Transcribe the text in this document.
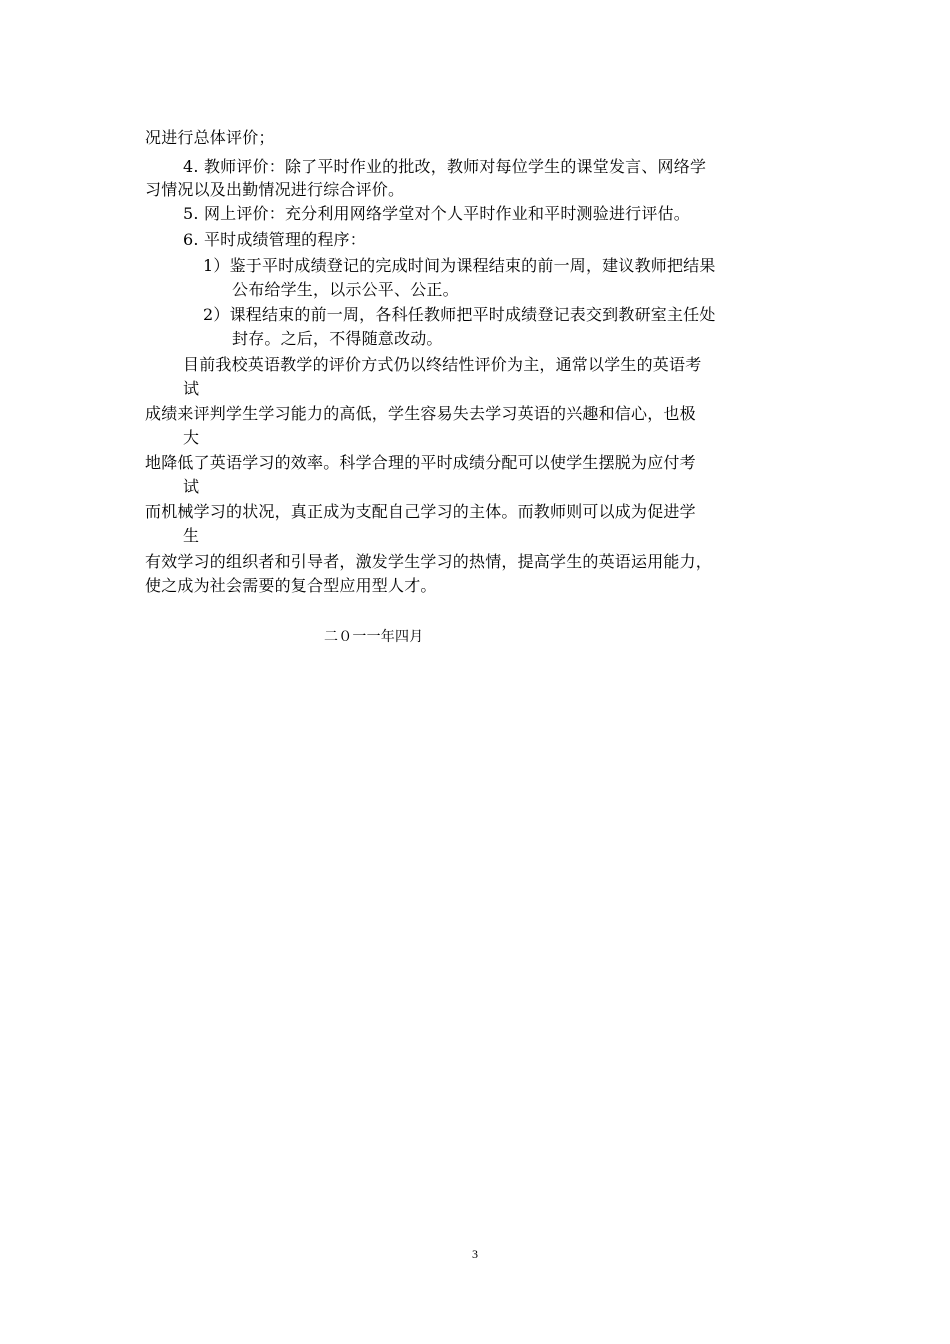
况进行总体评价；
4. 教师评价：除了平时作业的批改，教师对每位学生的课堂发言、网络学
习情况以及出勤情况进行综合评价。
5. 网上评价：充分利用网络学堂对个人平时作业和平时测验进行评估。
6. 平时成绩管理的程序：
1）鉴于平时成绩登记的完成时间为课程结束的前一周，建议教师把结果
公布给学生，以示公平、公正。
2）课程结束的前一周，各科任教师把平时成绩登记表交到教研室主任处
封存。之后，不得随意改动。
目前我校英语教学的评价方式仍以终结性评价为主，通常以学生的英语考
试
成绩来评判学生学习能力的高低，学生容易失去学习英语的兴趣和信心，也极
大
地降低了英语学习的效率。科学合理的平时成绩分配可以使学生摆脱为应付考
试
而机械学习的状况，真正成为支配自己学习的主体。而教师则可以成为促进学
生
有效学习的组织者和引导者，激发学生学习的热情，提高学生的英语运用能力，
使之成为社会需要的复合型应用型人才。
二０一一年四月
3
